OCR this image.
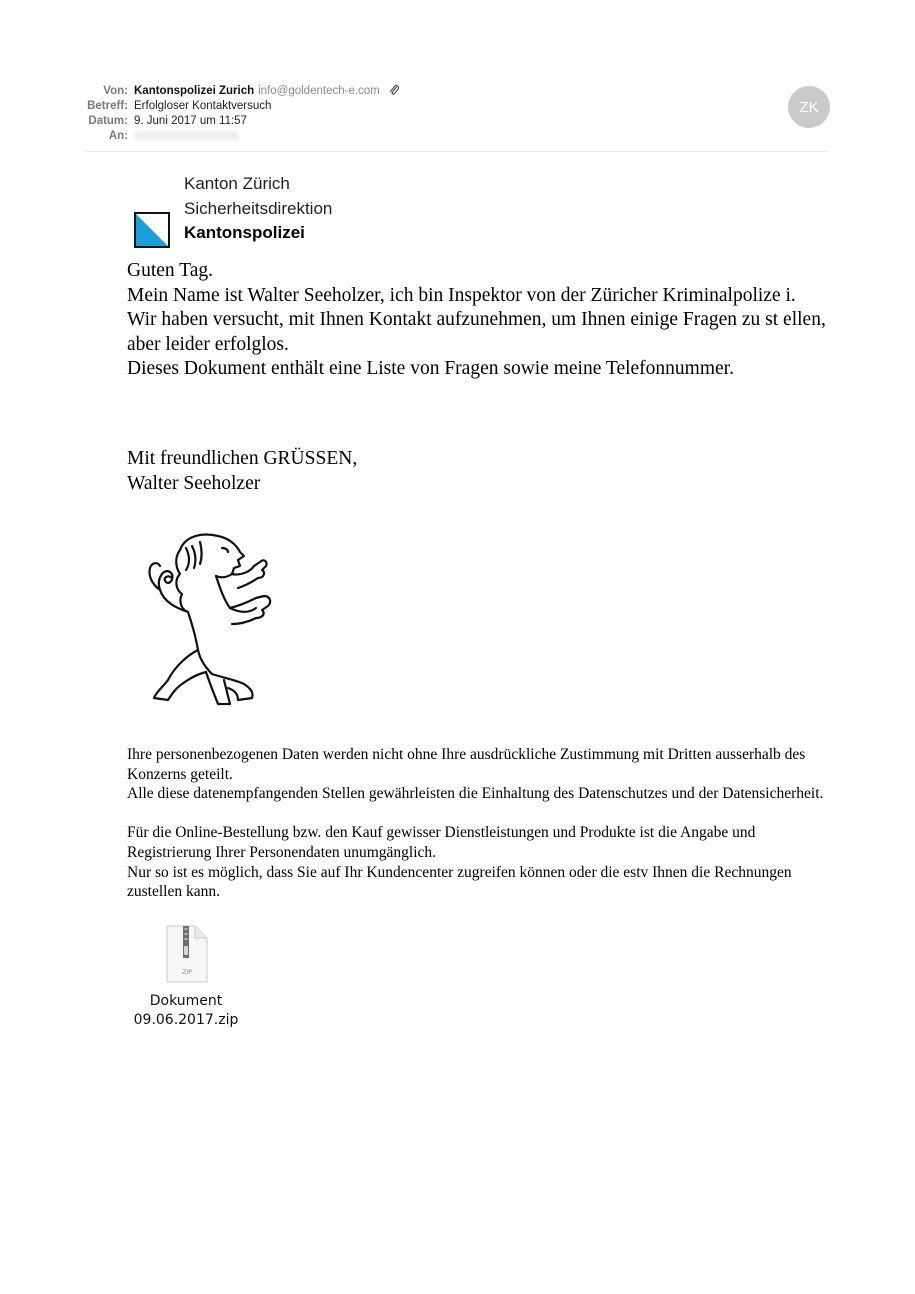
Von: Kantonspolizei Zurich info@goldentech-e.com
Betreff: Erfolgloser Kontaktversuch
Datum: 9. Juni 2017 um 11:57
An:
ZK
Kanton Zürich
Sicherheitsdirektion
Kantonspolizei

Guten Tag.

Mein Name ist Walter Seeholzer, ich bin Inspektor von der Züricher Kriminalpolize i.

Wir haben versucht, mit Ihnen Kontakt aufzunehmen, um Ihnen einige Fragen zu st ellen, aber leider erfolglos.

Dieses Dokument enthält eine Liste von Fragen sowie meine Telefonnummer.

Mit freundlichen GRÜSSEN,

Walter Seeholzer

Ihre personenbezogenen Daten werden nicht ohne Ihre ausdrückliche Zustimmung mit Dritten ausserhalb des Konzerns geteilt.

Alle diese datenempfangenden Stellen gewährleisten die Einhaltung des Datenschutzes und der Datensicherheit.

Für die Online-Bestellung bzw. den Kauf gewisser Dienstleistungen und Produkte ist die Angabe und Registrierung Ihrer Personendaten unumgänglich.

Nur so ist es möglich, dass Sie auf Ihr Kundencenter zugreifen können oder die estv Ihnen die Rechnungen zustellen kann.

ZIP
Dokument
09.06.2017.zip
